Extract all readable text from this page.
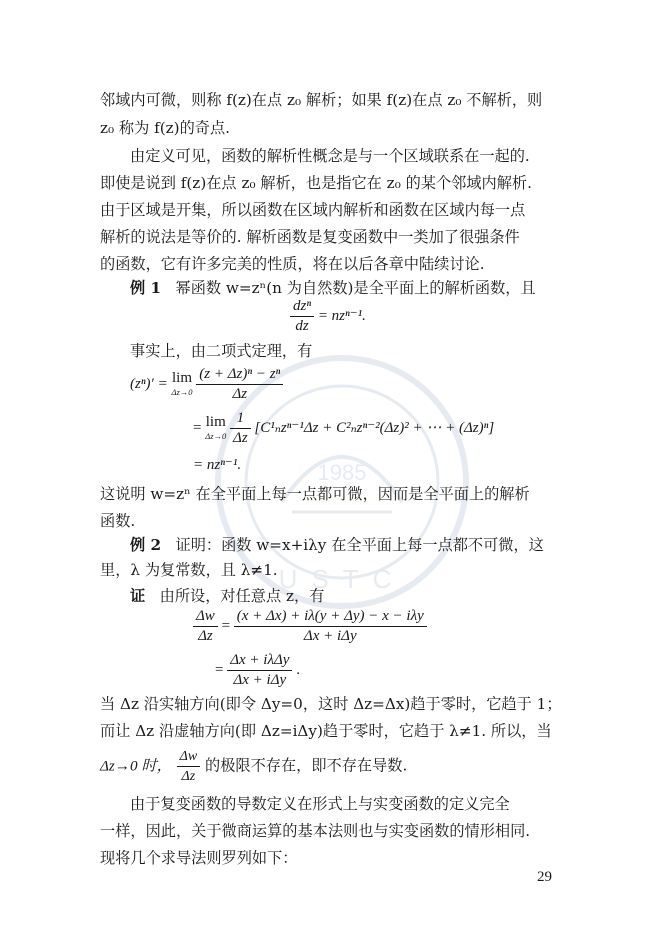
1985
USTC
邻域内可微，则称 f(z)在点 z₀ 解析；如果 f(z)在点 z₀ 不解析，则
z₀ 称为 f(z)的奇点.
由定义可见，函数的解析性概念是与一个区域联系在一起的.
即使是说到 f(z)在点 z₀ 解析，也是指它在 z₀ 的某个邻域内解析.
由于区域是开集，所以函数在区域内解析和函数在区域内每一点
解析的说法是等价的. 解析函数是复变函数中一类加了很强条件
的函数，它有许多完美的性质，将在以后各章中陆续讨论.
例 1 幂函数 w=zⁿ(n 为自然数)是全平面上的解析函数，且
$\frac{\text{dzⁿ}}{dz} = nz^{n-1}$.
事实上，由二项式定理，有
(zⁿ)′ = lim
Δz→0
$\frac{\text{(z + Δz)ⁿ − zⁿ}}{\Delta z}$
= lim
Δz→0
$\frac{1}{\Delta z} [C^1_nz^{n-1}\Delta z + C^2_nz^{n-2}(\Delta z)^2$ + ⋯ + (Δz)ⁿ]
= nzⁿ⁻¹.
这说明 w=zⁿ 在全平面上每一点都可微，因而是全平面上的解析
函数.
例 2 证明：函数 w=x+iλy 在全平面上每一点都不可微，这
里，λ 为复常数，且 λ≠1.
证 由所设，对任意点 z，有
$\frac{\Delta w}{\Delta z} = \frac{\text{(x + Δx) + iλ(y + Δy) − x − iλy}}{\text{Δx + iΔy}}$
= $\frac{\text{Δx + iλΔy}}{\text{Δx + iΔy}}$ .
当 Δz 沿实轴方向(即令 Δy=0，这时 Δz=Δx)趋于零时，它趋于 1；
而让 Δz 沿虚轴方向(即 Δz=iΔy)趋于零时，它趋于 λ≠1. 所以，当
Δz→0 时， $\frac{\Delta w}{\Delta z}$ 的极限不存在，即不存在导数.
由于复变函数的导数定义在形式上与实变函数的定义完全
一样，因此，关于微商运算的基本法则也与实变函数的情形相同.
现将几个求导法则罗列如下：
29
